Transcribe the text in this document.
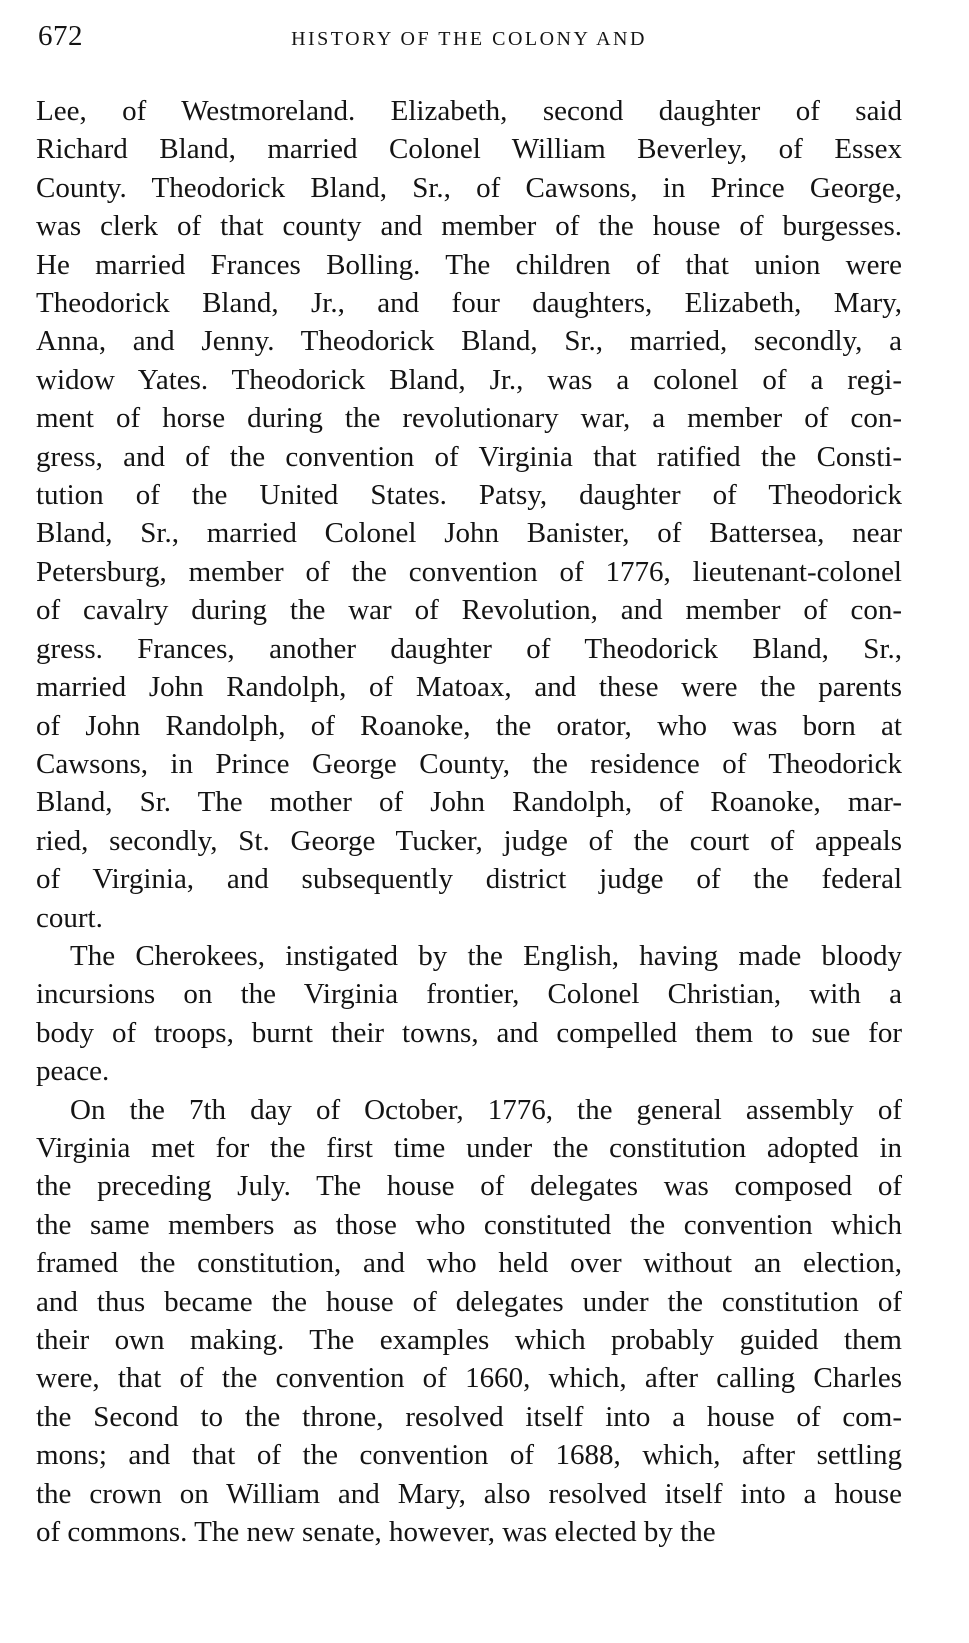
672	HISTORY OF THE COLONY AND
Lee, of Westmoreland. Elizabeth, second daughter of said
Richard Bland, married Colonel William Beverley, of Essex
County. Theodorick Bland, Sr., of Cawsons, in Prince George,
was clerk of that county and member of the house of burgesses.
He married Frances Bolling. The children of that union were
Theodorick Bland, Jr., and four daughters, Elizabeth, Mary,
Anna, and Jenny. Theodorick Bland, Sr., married, secondly, a
widow Yates. Theodorick Bland, Jr., was a colonel of a regi-
ment of horse during the revolutionary war, a member of con-
gress, and of the convention of Virginia that ratified the Consti-
tution of the United States. Patsy, daughter of Theodorick
Bland, Sr., married Colonel John Banister, of Battersea, near
Petersburg, member of the convention of 1776, lieutenant-colonel
of cavalry during the war of Revolution, and member of con-
gress. Frances, another daughter of Theodorick Bland, Sr.,
married John Randolph, of Matoax, and these were the parents
of John Randolph, of Roanoke, the orator, who was born at
Cawsons, in Prince George County, the residence of Theodorick
Bland, Sr. The mother of John Randolph, of Roanoke, mar-
ried, secondly, St. George Tucker, judge of the court of appeals
of Virginia, and subsequently district judge of the federal
court.
The Cherokees, instigated by the English, having made bloody
incursions on the Virginia frontier, Colonel Christian, with a
body of troops, burnt their towns, and compelled them to sue for
peace.
On the 7th day of October, 1776, the general assembly of
Virginia met for the first time under the constitution adopted in
the preceding July. The house of delegates was composed of
the same members as those who constituted the convention which
framed the constitution, and who held over without an election,
and thus became the house of delegates under the constitution of
their own making. The examples which probably guided them
were, that of the convention of 1660, which, after calling Charles
the Second to the throne, resolved itself into a house of com-
mons; and that of the convention of 1688, which, after settling
the crown on William and Mary, also resolved itself into a house
of commons. The new senate, however, was elected by the
